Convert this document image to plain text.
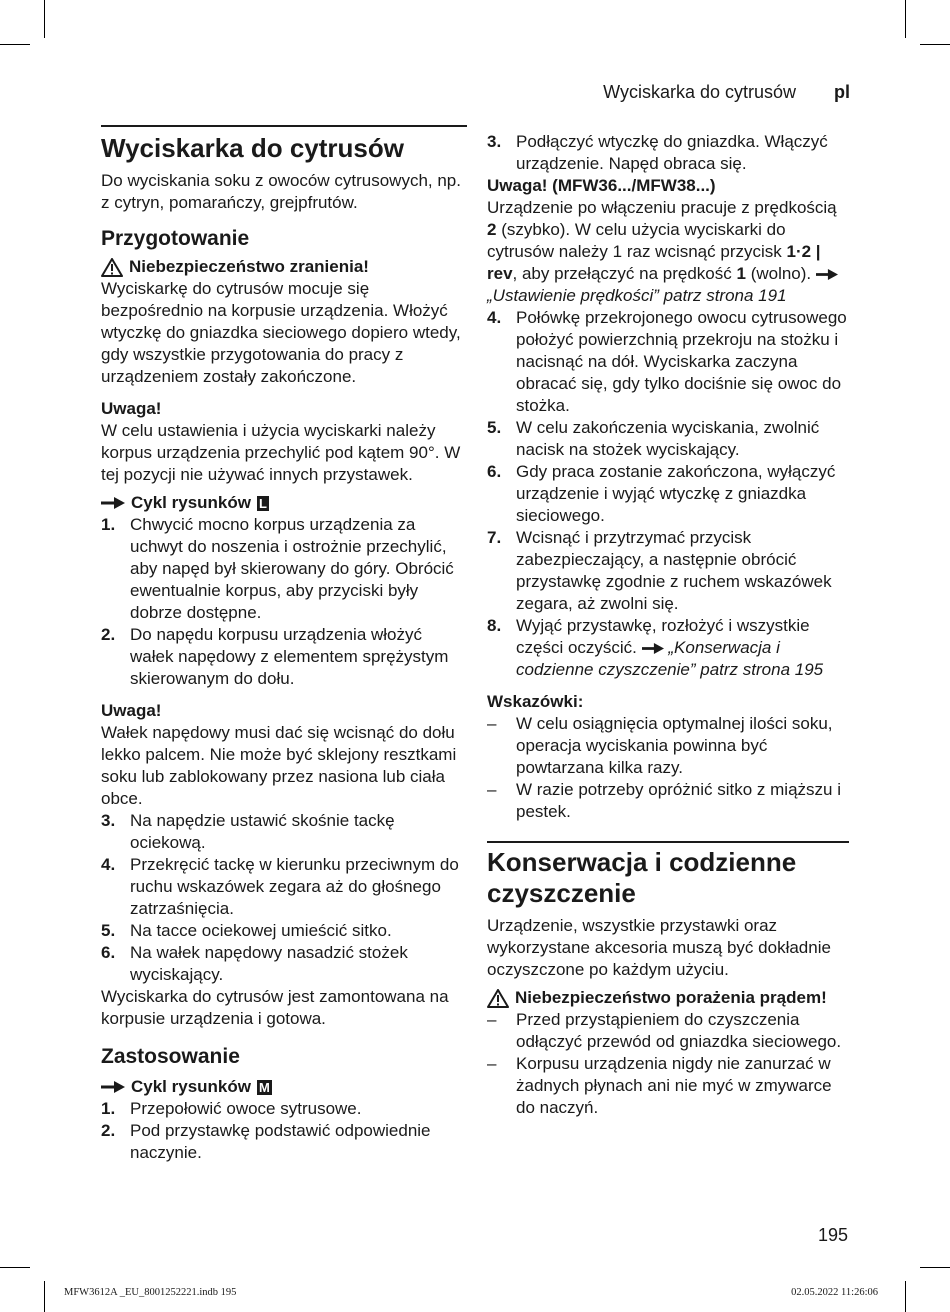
Wyciskarka do cytrusów pl
Wyciskarka do cytrusów

Do wyciskania soku z owoców cytrusowych, np. z cytryn, pomarańczy, grejpfrutów.

Przygotowanie
Niebezpieczeństwo zranienia!

Wyciskarkę do cytrusów mocuje się bezpośrednio na korpusie urządzenia. Włożyć wtyczkę do gniazdka sieciowego dopiero wtedy, gdy wszystkie przygotowania do pracy z urządzeniem zostały zakończone.

Uwaga!

W celu ustawienia i użycia wyciskarki należy korpus urządzenia przechylić pod kątem 90°. W tej pozycji nie używać innych przystawek.

Cykl rysunków L
1. Chwycić mocno korpus urządzenia za uchwyt do noszenia i ostrożnie przechylić, aby napęd był skierowany do góry. Obrócić ewentualnie korpus, aby przyciski były dobrze dostępne.
2. Do napędu korpusu urządzenia włożyć wałek napędowy z elementem sprężystym skierowanym do dołu.

Uwaga!

Wałek napędowy musi dać się wcisnąć do dołu lekko palcem. Nie może być sklejony resztkami soku lub zablokowany przez nasiona lub ciała obce.

3. Na napędzie ustawić skośnie tackę ociekową.
4. Przekręcić tackę w kierunku przeciwnym do ruchu wskazówek zegara aż do głośnego zatrzaśnięcia.
5. Na tacce ociekowej umieścić sitko.
6. Na wałek napędowy nasadzić stożek wyciskający.

Wyciskarka do cytrusów jest zamontowana na korpusie urządzenia i gotowa.

Zastosowanie
Cykl rysunków M
1. Przepołowić owoce sytrusowe.
2. Pod przystawkę podstawić odpowiednie naczynie.
3. Podłączyć wtyczkę do gniazdka. Włączyć urządzenie. Napęd obraca się.

Uwaga! (MFW36.../MFW38...)

Urządzenie po włączeniu pracuje z prędkością 2 (szybko). W celu użycia wyciskarki do cytrusów należy 1 raz wcisnąć przycisk 1·2 | rev, aby przełączyć na prędkość 1 (wolno).  „Ustawienie prędkości” patrz strona 191

4. Połówkę przekrojonego owocu cytrusowego położyć powierzchnią przekroju na stożku i nacisnąć na dół. Wyciskarka zaczyna obracać się, gdy tylko dociśnie się owoc do stożka.
5. W celu zakończenia wyciskania, zwolnić nacisk na stożek wyciskający.
6. Gdy praca zostanie zakończona, wyłączyć urządzenie i wyjąć wtyczkę z gniazdka sieciowego.
7. Wcisnąć i przytrzymać przycisk zabezpieczający, a następnie obrócić przystawkę zgodnie z ruchem wskazówek zegara, aż zwolni się.
8. Wyjąć przystawkę, rozłożyć i wszystkie części oczyścić. „Konserwacja i codzienne czyszczenie” patrz strona 195

Wskazówki:

–	W celu osiągnięcia optymalnej ilości soku, operacja wyciskania powinna być powtarzana kilka razy.
–	W razie potrzeby opróżnić sitko z miąższu i pestek.
Konserwacja i codzienne czyszczenie

Urządzenie, wszystkie przystawki oraz wykorzystane akcesoria muszą być dokładnie oczyszczone po każdym użyciu.

Niebezpieczeństwo porażenia prądem!
–	Przed przystąpieniem do czyszczenia odłączyć przewód od gniazdka sieciowego.
–	Korpusu urządzenia nigdy nie zanurzać w żadnych płynach ani nie myć w zmywarce do naczyń.
195
MFW3612A _EU_8001252221.indb 195	02.05.2022 11:26:06
